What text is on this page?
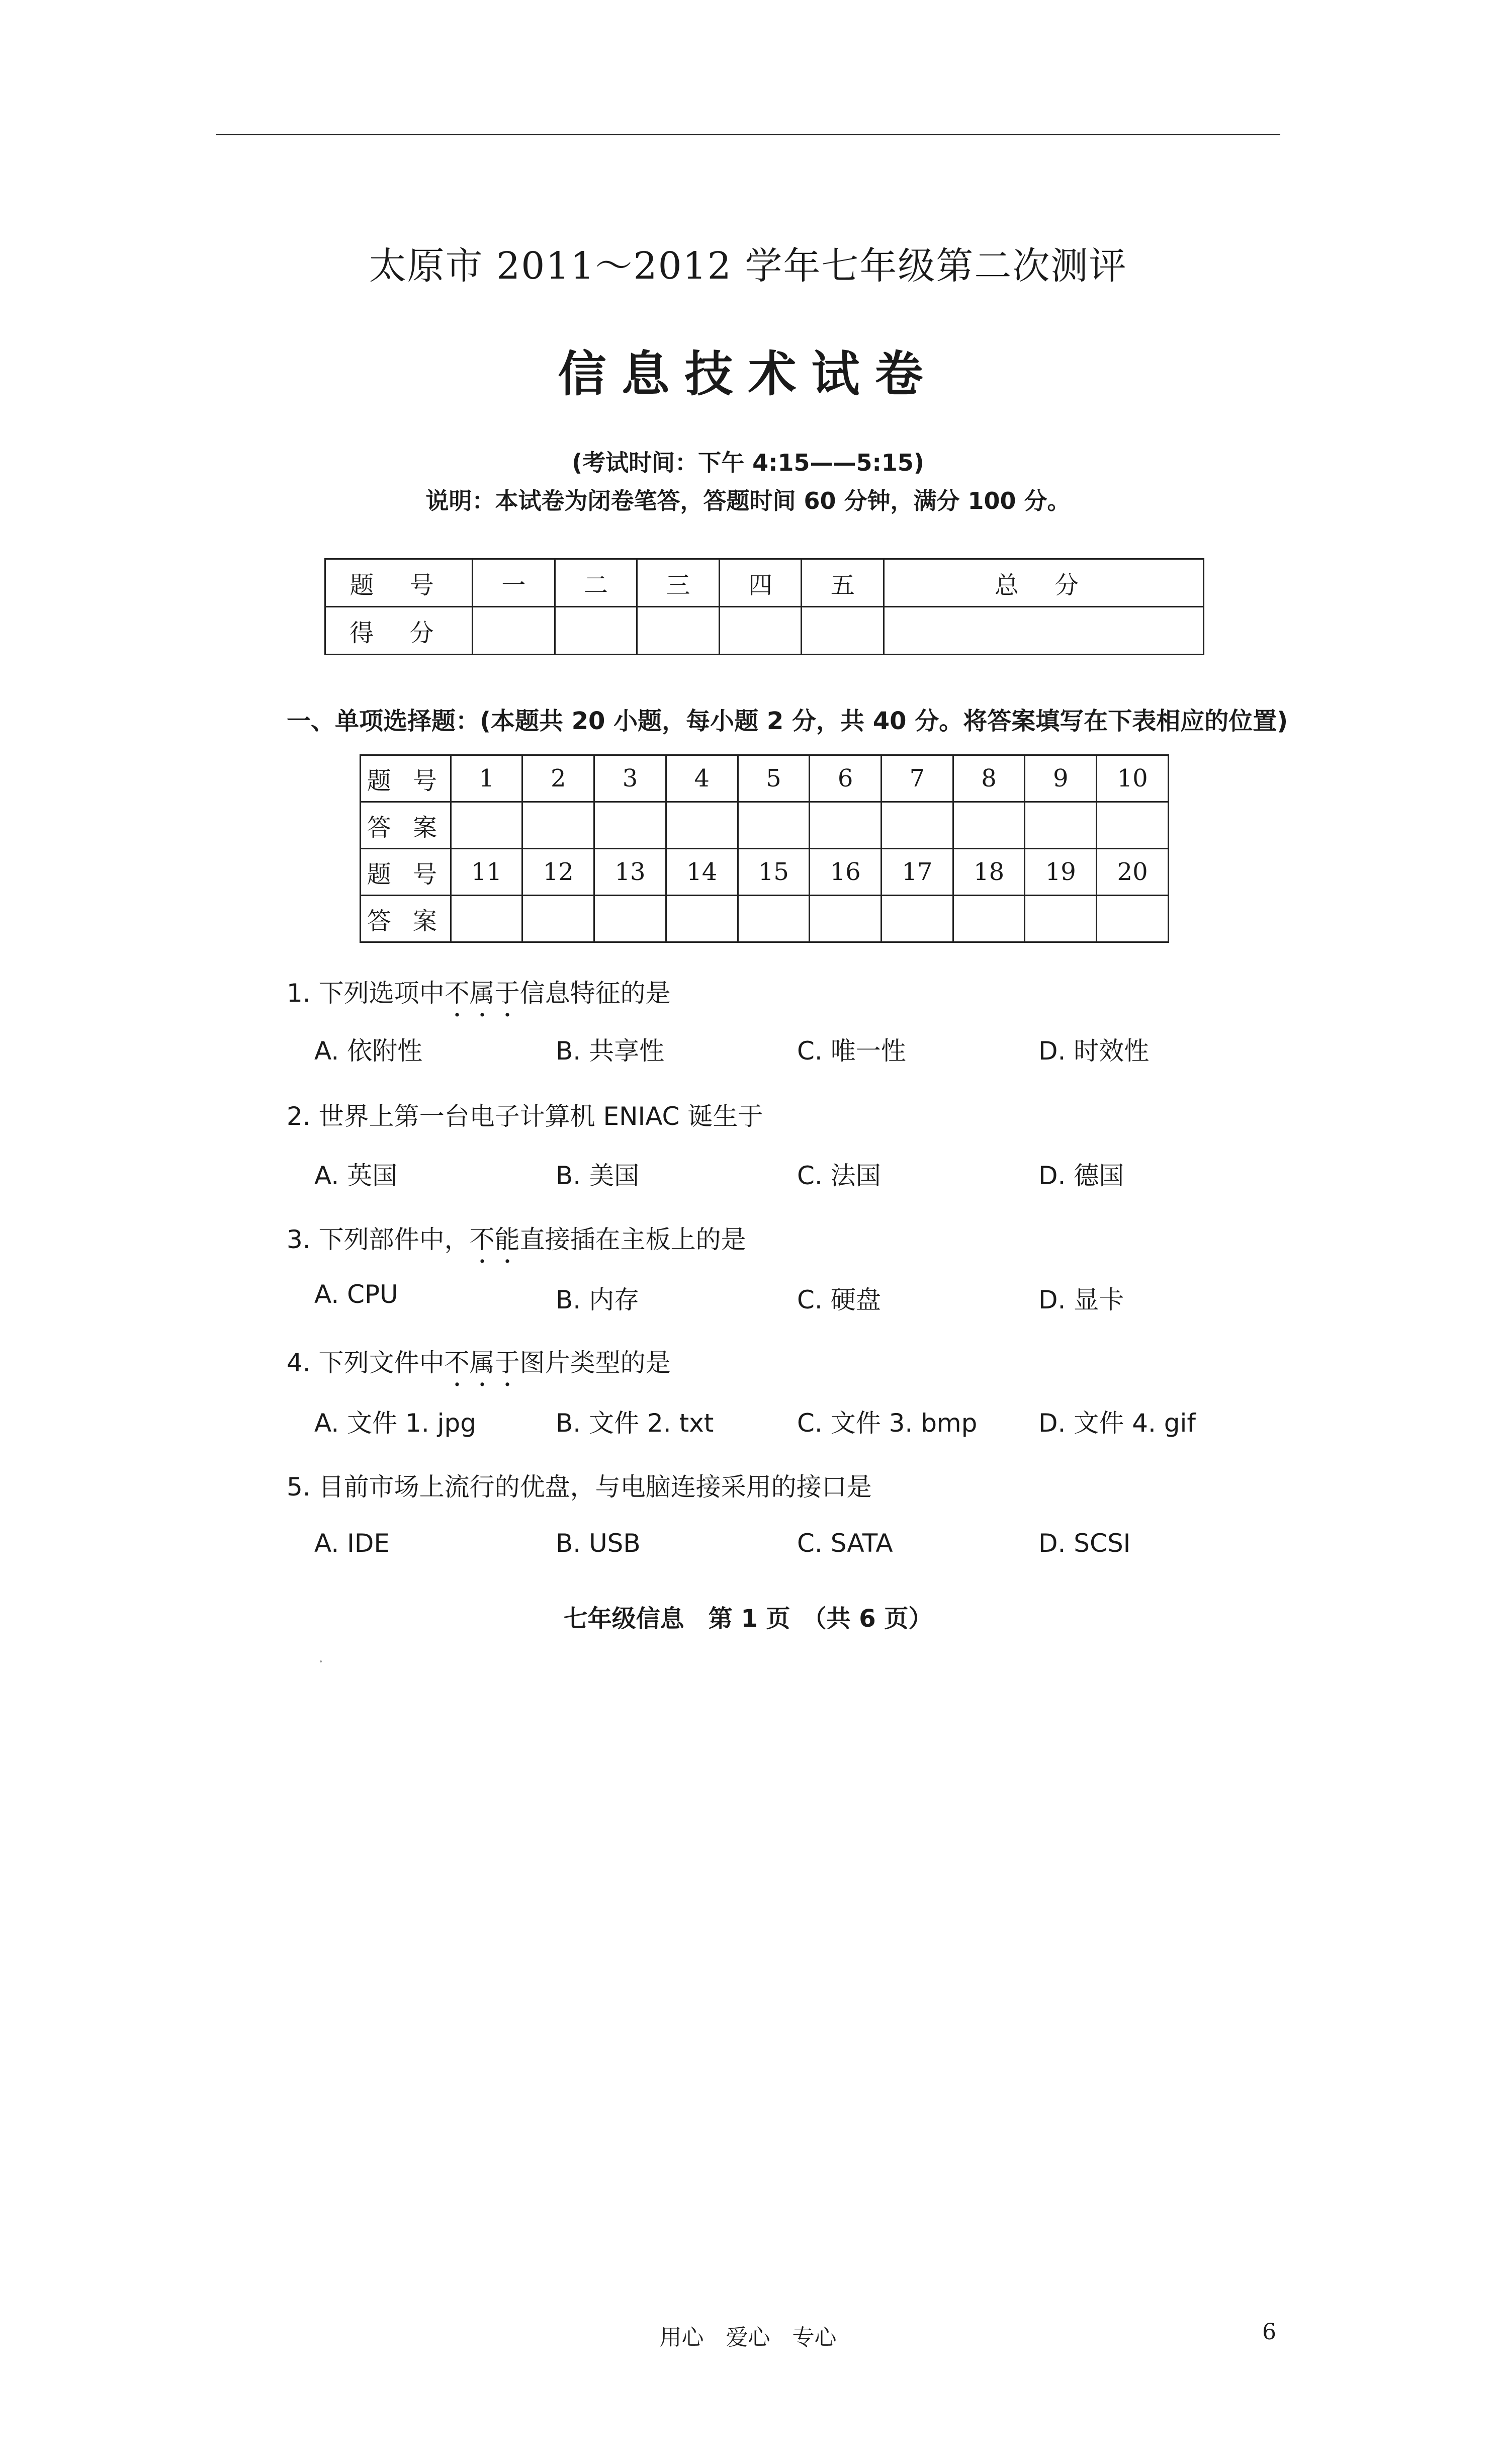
太原市 2011～2012 学年七年级第二次测评
信息技术试卷
(考试时间：下午 4:15——5:15)
说明：本试卷为闭卷笔答，答题时间 60 分钟，满分 100 分。
题 号	一	二	三	四	五	总 分
得 分						
一、单项选择题：(本题共 20 小题，每小题 2 分，共 40 分。将答案填写在下表相应的位置)
题 号	1	2	3	4	5	6	7	8	9	10
答 案										
题 号	11	12	13	14	15	16	17	18	19	20
答 案										
1. 下列选项中不属于信息特征的是
A. 依附性	B. 共享性	C. 唯一性	D. 时效性
2. 世界上第一台电子计算机 ENIAC 诞生于
A. 英国	B. 美国	C. 法国	D. 德国
3. 下列部件中，不能直接插在主板上的是
A. CPU	B. 内存	C. 硬盘	D. 显卡
4. 下列文件中不属于图片类型的是
A. 文件 1. jpg	B. 文件 2. txt	C. 文件 3. bmp D. 文件 4. gif
5. 目前市场上流行的优盘，与电脑连接采用的接口是
A. IDE	B. USB	C. SATA	D. SCSI
七年级信息　第 1 页　（共 6 页）
用心 爱心 专心	6
